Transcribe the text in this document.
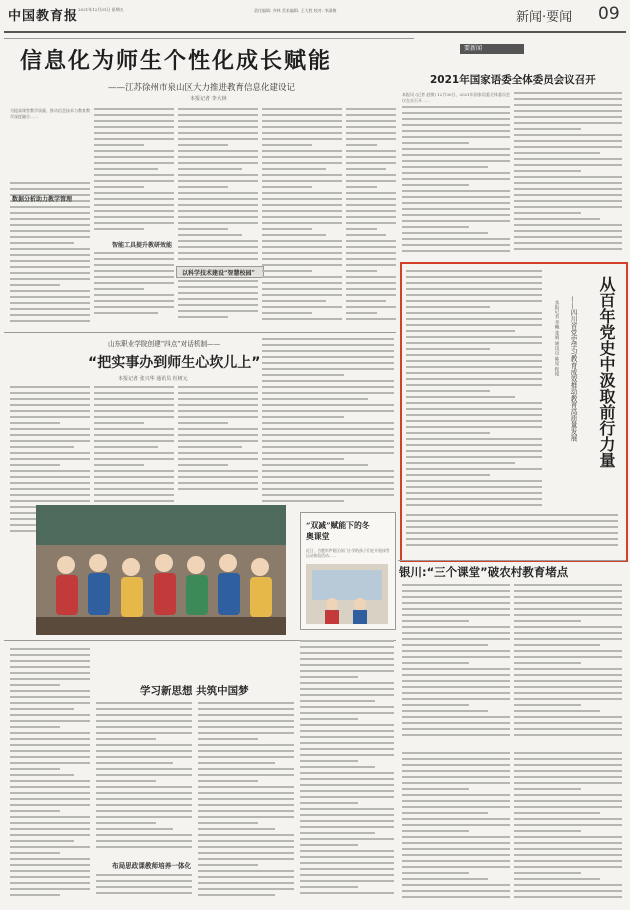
中国教育报 2021年12月31日 星期五	责任编辑: 齐林 美术编辑: 王大胜 校对: 李淑梅	新闻·要闻 09
信息化为师生个性化成长赋能
——江苏徐州市泉山区大力推进教育信息化建设记
本报记者 李大林
为提高课堂教学质量，推动信息技术与教育教学深度融合……
数据分析助力教学管理
智能工具提升教研效能
以科学技术建设“智慧校园”
要新闻
2021年国家语委全体委员会议召开
本报讯 (记者 赵敏) 12月30日，2021年国家语委全体委员会议在京召开……
从百年党史中汲取前行力量
——四川省党史学习教育成效推动教育高质量发展
本报记者 李曦 张娟 通讯员 陈星 程铭
山东职业学院创建“四点”对话机制——
“把实事办到师生心坎儿上”
本报记者 张兴华 通讯员 杜树元
“双减”赋能下的冬奥课堂
近日，合肥市庐阳区南门小学的孩子们在开展冰雪运动体验活动……
银川:“三个课堂”破农村教育堵点
学习新思想 共筑中国梦
布局思政课教师培养一体化
